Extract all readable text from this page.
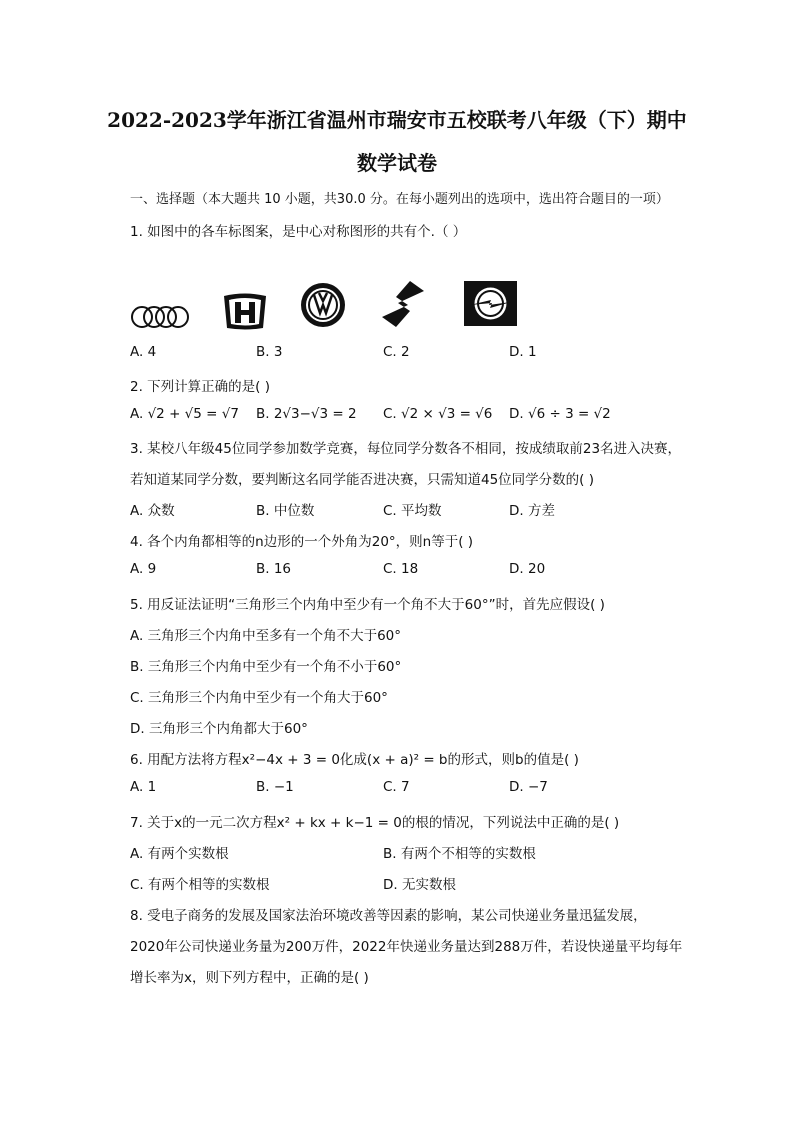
2022-2023学年浙江省温州市瑞安市五校联考八年级（下）期中
数学试卷
一、选择题（本大题共 10 小题，共30.0 分。在每小题列出的选项中，选出符合题目的一项）
1. 如图中的各车标图案，是中心对称图形的共有个.（ ）
A. 4	B. 3	C. 2	D. 1
2. 下列计算正确的是( )
A. √2 + √5 = √7 B. 2√3−√3 = 2 C. √2 × √3 = √6 D. √6 ÷ 3 = √2
3. 某校八年级45位同学参加数学竞赛，每位同学分数各不相同，按成绩取前23名进入决赛，
若知道某同学分数，要判断这名同学能否进决赛，只需知道45位同学分数的( )
A. 众数	B. 中位数	C. 平均数	D. 方差
4. 各个内角都相等的n边形的一个外角为20°，则n等于( )
A. 9	B. 16	C. 18	D. 20
5. 用反证法证明“三角形三个内角中至少有一个角不大于60°”时，首先应假设( )
A. 三角形三个内角中至多有一个角不大于60°
B. 三角形三个内角中至少有一个角不小于60°
C. 三角形三个内角中至少有一个角大于60°
D. 三角形三个内角都大于60°
6. 用配方法将方程x²−4x + 3 = 0化成(x + a)² = b的形式，则b的值是( )
A. 1	B. −1	C. 7	D. −7
7. 关于x的一元二次方程x² + kx + k−1 = 0的根的情况，下列说法中正确的是( )
A. 有两个实数根	B. 有两个不相等的实数根
C. 有两个相等的实数根	D. 无实数根
8. 受电子商务的发展及国家法治环境改善等因素的影响，某公司快递业务量迅猛发展，
2020年公司快递业务量为200万件，2022年快递业务量达到288万件，若设快递量平均每年
增长率为x，则下列方程中，正确的是( )
